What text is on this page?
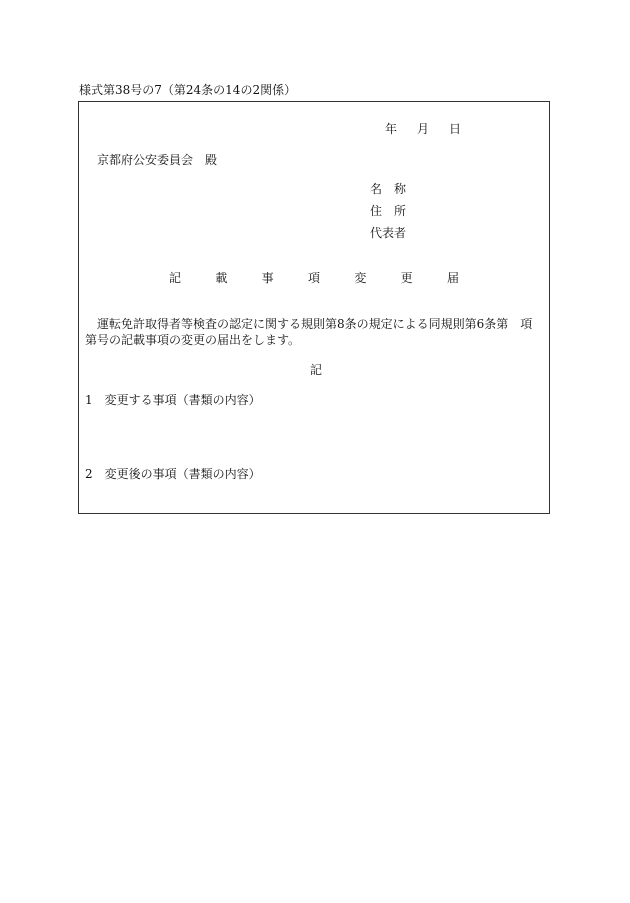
様式第38号の7（第24条の14の2関係）
年 月 日
京都府公安委員会 殿
名　称
住　所
代表者
記	載	事	項	変	更	届
運転免許取得者等検査の認定に関する規則第8条の規定による同規則第6条第　項第号の記載事項の変更の届出をします。
記
1 変更する事項（書類の内容）
2 変更後の事項（書類の内容）
